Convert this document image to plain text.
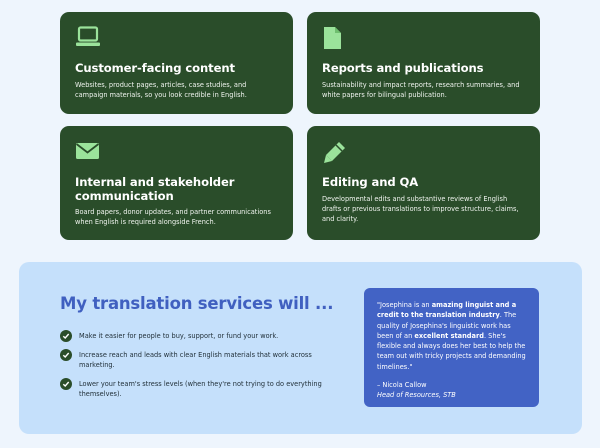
Customer-facing content

Websites, product pages, articles, case studies, and campaign materials, so you look credible in English.

Reports and publications

Sustainability and impact reports, research summaries, and white papers for bilingual publication.

Internal and stakeholder communication

Board papers, donor updates, and partner communications when English is required alongside French.

Editing and QA

Developmental edits and substantive reviews of English drafts or previous translations to improve structure, claims, and clarity.

My translation services will ...
Make it easier for people to buy, support, or fund your work.
Increase reach and leads with clear English materials that work across marketing.
Lower your team's stress levels (when they're not trying to do everything themselves).
"Josephina is an amazing linguist and a credit to the translation industry. The quality of Josephina's linguistic work has been of an excellent standard. She's flexible and always does her best to help the team out with tricky projects and demanding timelines."
– Nicola Callow
Head of Resources, STB
